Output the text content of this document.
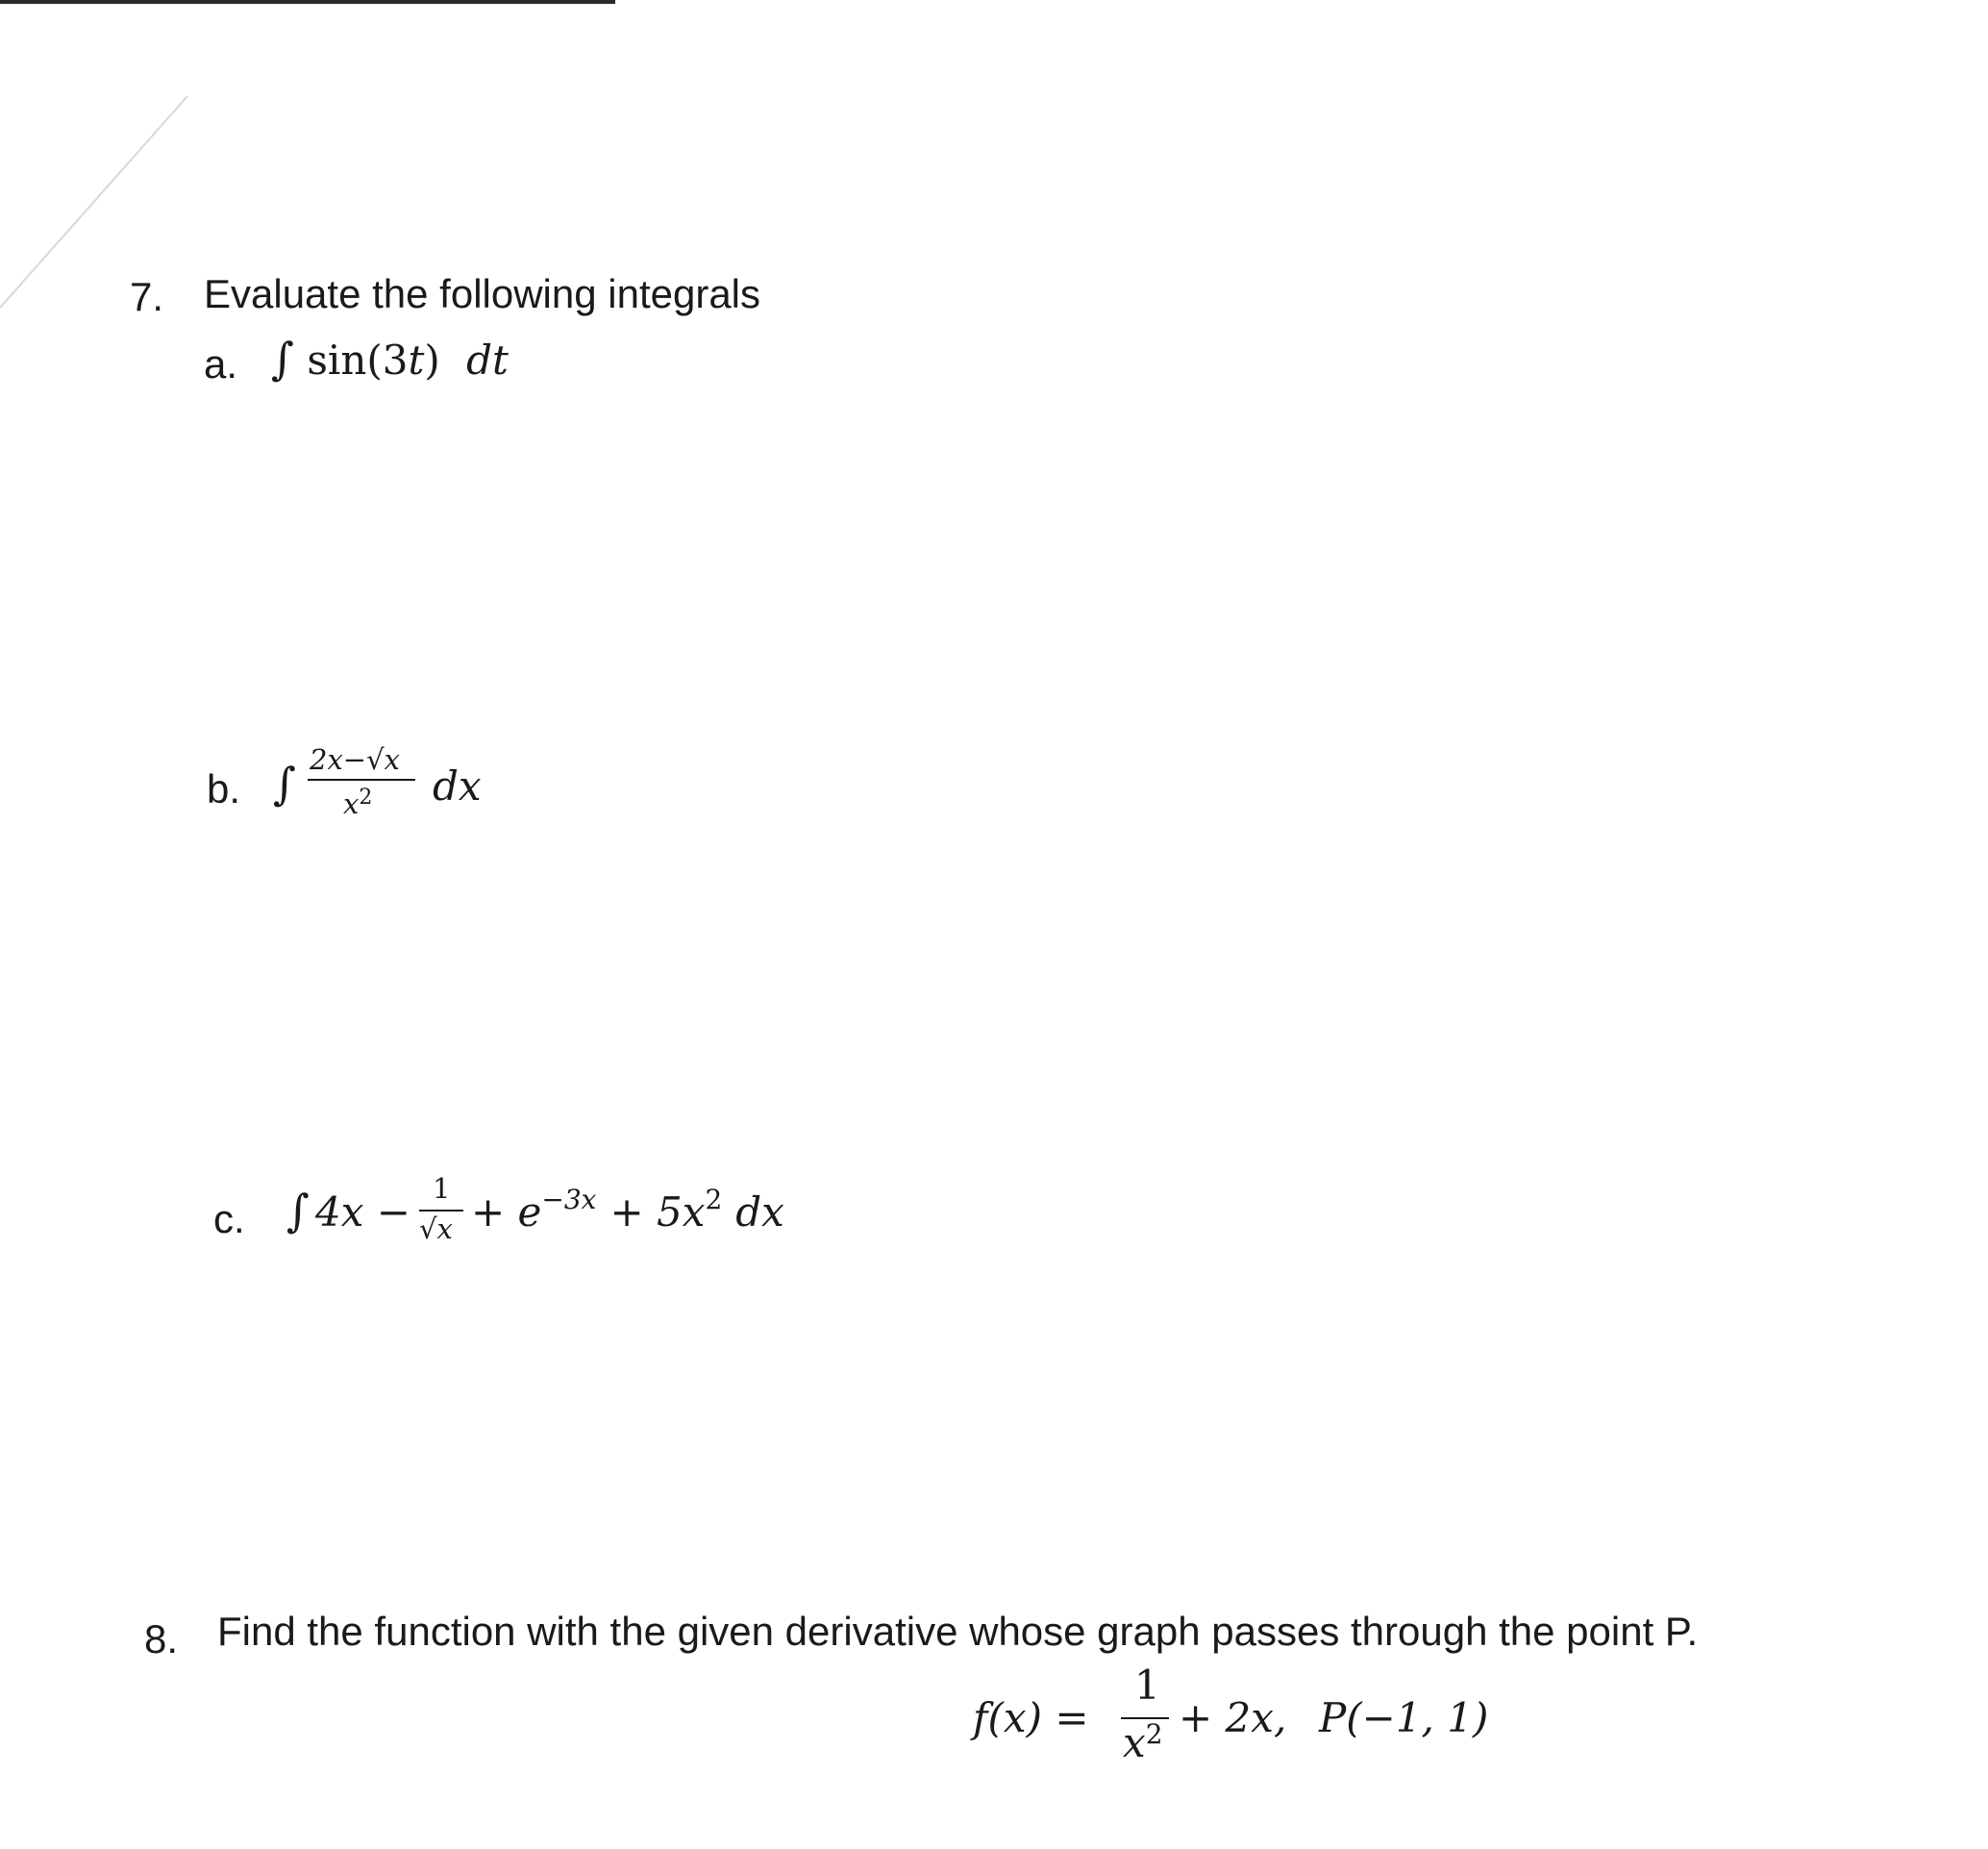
7. Evaluate the following integrals
a. ∫ sin(3t) dt
b. ∫ 2x−√x
$x^2$ dx
c. ∫ 4x − 1
$√x + e^{-3x} + 5x^2$ dx
8. Find the function with the given derivative whose graph passes through the point P.
f(x) =
1
$x^2 + 2x$, P(−1, 1)
